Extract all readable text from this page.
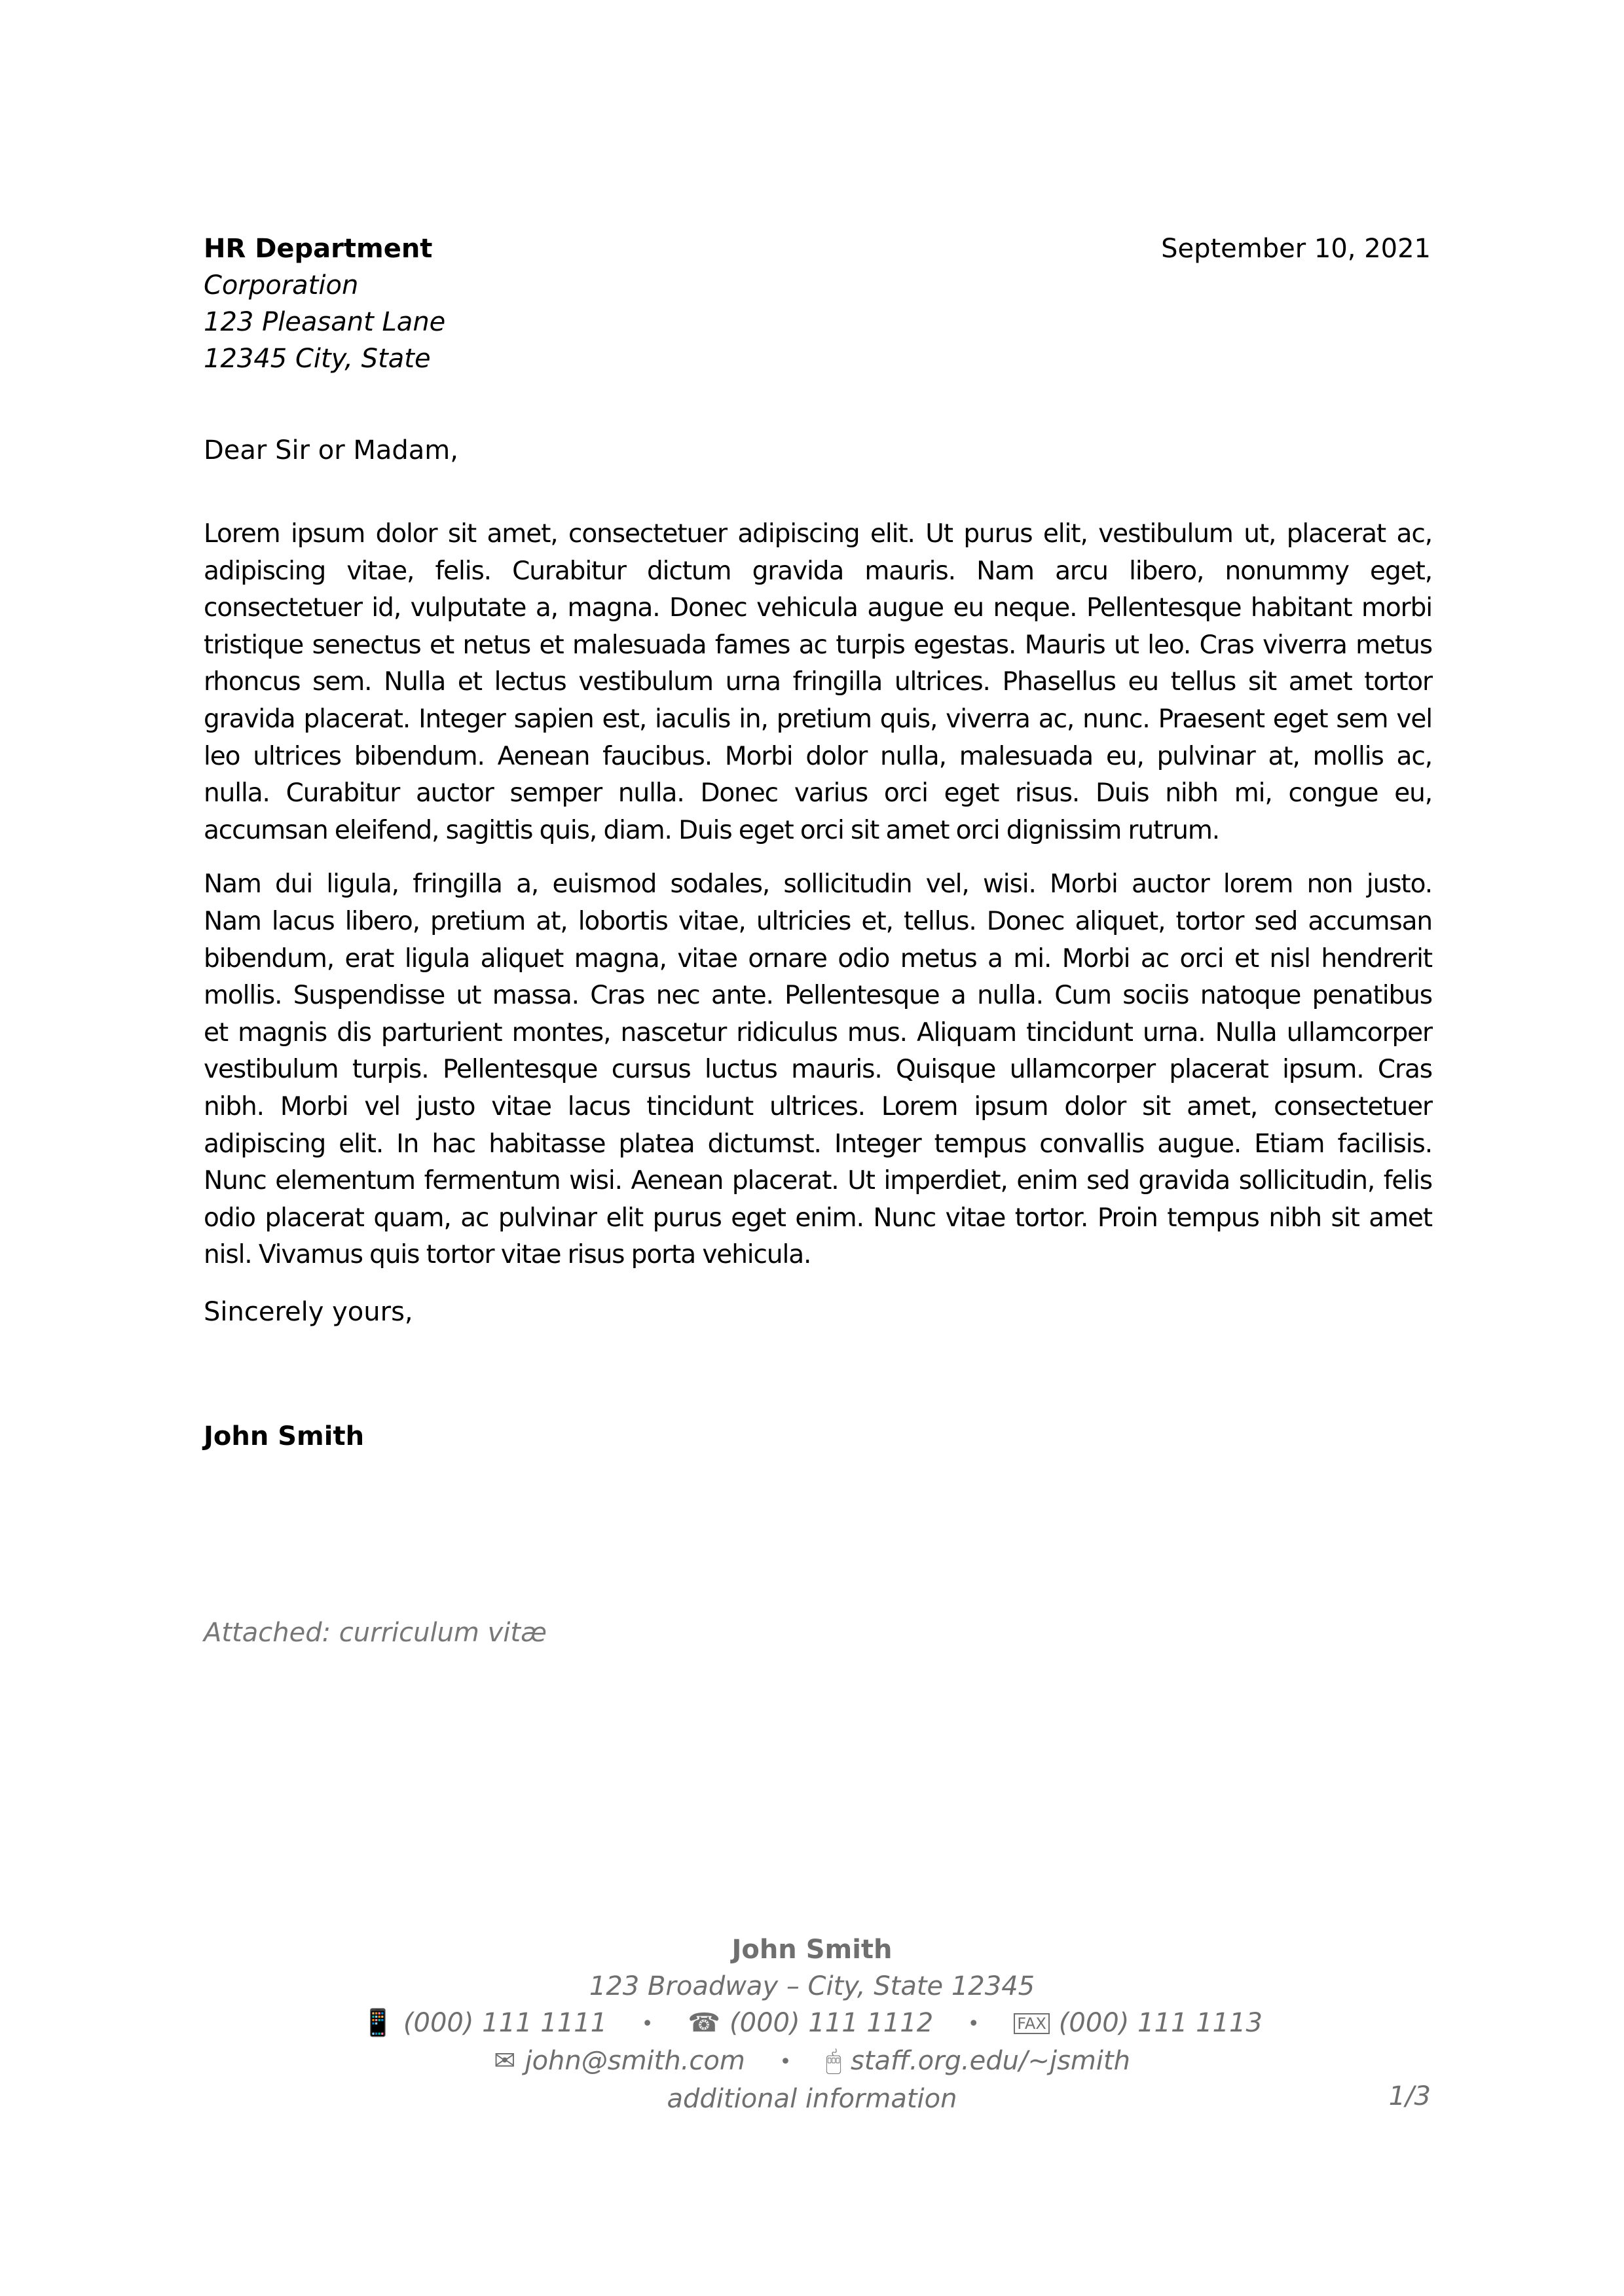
HR Department
Corporation
123 Pleasant Lane
12345 City, State
September 10, 2021
Dear Sir or Madam,

Lorem ipsum dolor sit amet, consectetuer adipiscing elit. Ut purus elit, vestibulum ut, placerat ac,
adipiscing vitae, felis. Curabitur dictum gravida mauris. Nam arcu libero, nonummy eget,
consectetuer id, vulputate a, magna. Donec vehicula augue eu neque. Pellentesque habitant morbi
tristique senectus et netus et malesuada fames ac turpis egestas. Mauris ut leo. Cras viverra metus
rhoncus sem. Nulla et lectus vestibulum urna fringilla ultrices. Phasellus eu tellus sit amet tortor
gravida placerat. Integer sapien est, iaculis in, pretium quis, viverra ac, nunc. Praesent eget sem vel
leo ultrices bibendum. Aenean faucibus. Morbi dolor nulla, malesuada eu, pulvinar at, mollis ac,
nulla. Curabitur auctor semper nulla. Donec varius orci eget risus. Duis nibh mi, congue eu,
accumsan eleifend, sagittis quis, diam. Duis eget orci sit amet orci dignissim rutrum.

Nam dui ligula, fringilla a, euismod sodales, sollicitudin vel, wisi. Morbi auctor lorem non justo.
Nam lacus libero, pretium at, lobortis vitae, ultricies et, tellus. Donec aliquet, tortor sed accumsan
bibendum, erat ligula aliquet magna, vitae ornare odio metus a mi. Morbi ac orci et nisl hendrerit
mollis. Suspendisse ut massa. Cras nec ante. Pellentesque a nulla. Cum sociis natoque penatibus
et magnis dis parturient montes, nascetur ridiculus mus. Aliquam tincidunt urna. Nulla ullamcorper
vestibulum turpis. Pellentesque cursus luctus mauris. Quisque ullamcorper placerat ipsum. Cras
nibh. Morbi vel justo vitae lacus tincidunt ultrices. Lorem ipsum dolor sit amet, consectetuer
adipiscing elit. In hac habitasse platea dictumst. Integer tempus convallis augue. Etiam facilisis.
Nunc elementum fermentum wisi. Aenean placerat. Ut imperdiet, enim sed gravida sollicitudin, felis
odio placerat quam, ac pulvinar elit purus eget enim. Nunc vitae tortor. Proin tempus nibh sit amet
nisl. Vivamus quis tortor vitae risus porta vehicula.

Sincerely yours,
John Smith
Attached: curriculum vitæ
John Smith
123 Broadway – City, State 12345
📱 (000) 111 1111 • ☎ (000) 111 1112 • FAX (000) 111 1113
✉ john@smith.com • 🖱 staff.org.edu/∼jsmith
additional information	1/3
